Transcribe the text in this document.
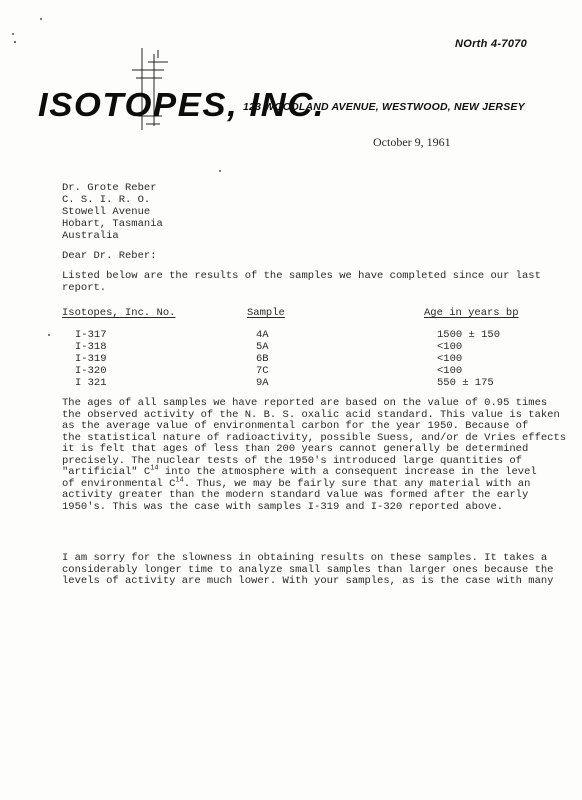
NOrth 4-7070
ISOTOPES, INC.
123 WOODLAND AVENUE, WESTWOOD, NEW JERSEY
October 9, 1961
Dr. Grote Reber
C. S. I. R. O.
Stowell Avenue
Hobart, Tasmania
Australia
Dear Dr. Reber:
Listed below are the results of the samples we have completed since our last
report.
Isotopes, Inc. No.	Sample	Age in years bp
I-317	4A	1500 ± 150
I-318	5A	<100
I-319	6B	<100
I-320	7C	<100
I 321	9A	550 ± 175
The ages of all samples we have reported are based on the value of 0.95 times
the observed activity of the N. B. S. oxalic acid standard. This value is taken
as the average value of environmental carbon for the year 1950. Because of
the statistical nature of radioactivity, possible Suess, and/or de Vries effects
it is felt that ages of less than 200 years cannot generally be determined
precisely. The nuclear tests of the 1950's introduced large quantities of
"artificial" $C^{14}$ into the atmosphere with a consequent increase in the level
of environmental $C^{14}$. Thus, we may be fairly sure that any material with an
activity greater than the modern standard value was formed after the early
1950's. This was the case with samples I-319 and I-320 reported above.
I am sorry for the slowness in obtaining results on these samples. It takes a
considerably longer time to analyze small samples than larger ones because the
levels of activity are much lower. With your samples, as is the case with many
